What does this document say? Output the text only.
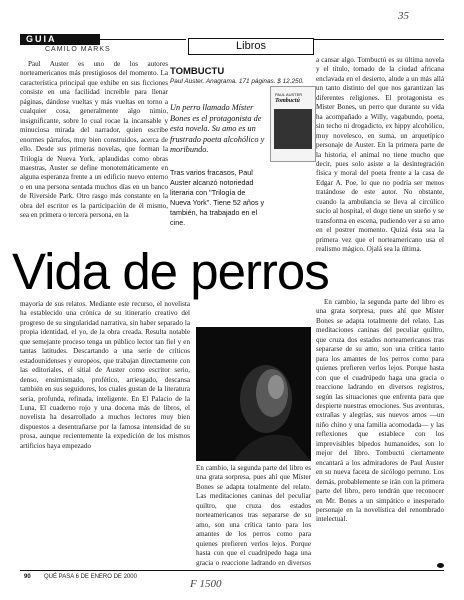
GUIA
CAMILO MARKS	Libros
35

Paul Auster es uno de los autores norteamericanos más prestigiosos del momento. La característica principal que exhibe en sus ficciones consiste en una facilidad increíble para llenar páginas, dándose vueltas y más vueltas en torno a cualquier cosa, generalmente algo nimio, insignificante, sobre lo cual rocae la incansable y minuciosa mirada del narrador, quien escribe enormes párrafos, muy bien construidos, acerca de ello. Desde sus primeras novelas, que forman la Trilogía de Nueva York, aplaudidas como obras maestras, Auster se define monotemáticamente en alguna esperanza frente a un edificio nuevo enterno o en una persona sentada muchos días en un banco de Riverside Park. Otro rasgo más constante en la obra del escritor es la participación de él mismo, sea en primera o tercera persona, en la

TOMBUCTU
Paul Auster. Anagrama. 171 páginas. $ 12.250.
Un perro llamado Míster Bones es el protagonista de esta novela. Su amo es un frustrado poeta alcohólico y moribundo.
Tras varios fracasos, Paul Auster alcanzó notoriedad literaria con "Trilogía de Nueva York". Tiene 52 años y también, ha trabajado en el cine.
PAUL AUSTER
Tombuctú

a cansar algo. Tombuctú es su última novela y el título, tomado de la ciudad africana enclavada en el desierto, alude a un más allá un tanto distinto del que nos garantizan las diferentes religiones. El protagonista es Míster Bones, un perro que durante su vida ha acompañado a Willy, vagabundo, poeta, sin techo ni drogadicto, ex hippy alcohólico, muy novelesco, en suma, un arquetípico personaje de Auster. En la primera parte de la historia, el animal no tiene mucho que decir, pues solo asiste a la desintegración física y moral del poeta frente a la casa de Edgar A. Poe, lo que no podría ser menos tratándose de este autor. No obstante, cuando la ambulancia se lleva al circúlico sucio al hospital, el dogo tiene un sueño y se transforma en escena, pudiendo ver a su amo en el postrer momento. Quizá ésta sea la primera vez que el norteamericano usa el realismo mágico. Ojalá sea la última.

Vida de perros

mayoría de sus relatos. Mediante este recurso, el novelista ha establecido una crónica de su itinerario creativo del progreso de su singularidad narrativa, sin haber separado la propia identidad, el yo, de la obra creada. Resulta notable que semejante proceso tenga un público lector tan fiel y en tantas latitudes. Descartando a una serie de críticos estadounidenses y europeos, que trabajan directamente con las editoriales, el sitial de Auster como escritor serio, denso, ensimismado, profético, arriesgado, descansa también en sus seguidores, los cuales gustan de la literatura seria, profunda, refinada, inteligente. En El Palacio de la Luna, El cuaderno rojo y una docena más de libros, el novelista ha desarrollado a muchos lectores muy bien dispuestos a desentrañarse por la famosa intensidad de su prosa, aunque recientemente la expedición de los mismos artificios haya empezado

En cambio, la segunda parte del libro es una grata sorpresa, pues ahí que Míster Bones se adapta totalmente del relato. Las meditaciones caninas del peculiar quiltro, que cruza dos estados norteamericanos tras separarse de su amo, son una crítica tanto para los amantes de los perros como para quienes prefieren verlos lejos. Porque hasta con que el cuadrúpedo haga una gracia o reaccione ladrando en diversos registros, según las situaciones que enfrenta para que despierte nuestras emociones. Sus aventuras, extrañas y alegrías, sus nuevos amos —un niño chino y una familia acomodada— y las reflexiones que establece con los imprevisibles bípedos humanoides, son lo mejor del libro. Tombuctú ciertamente encantará a los admiradores de Paul Auster en su nueva faceta de sicólogo perruno. Los demás, probablemente se irán con la primera parte del libro, pero tendrán que reconocer en Mr. Bones a un simpático e inesperado personaje en la novelística del renombrado intelectual.

En cambio, la segunda parte del libro es una grata sorpresa, pues ahí que Míster Bones se adapta totalmente del relato. Las meditaciones caninas del peculiar quiltro, que cruza dos estados norteamericanos tras separarse de su amo, son una crítica tanto para los amantes de los perros como para quienes prefieren verlos lejos. Porque hasta con que el cuadrúpedo haga una gracia o reaccione ladrando en diversos

90 QUÉ PASA 6 DE ENERO DE 2000
F 1500
